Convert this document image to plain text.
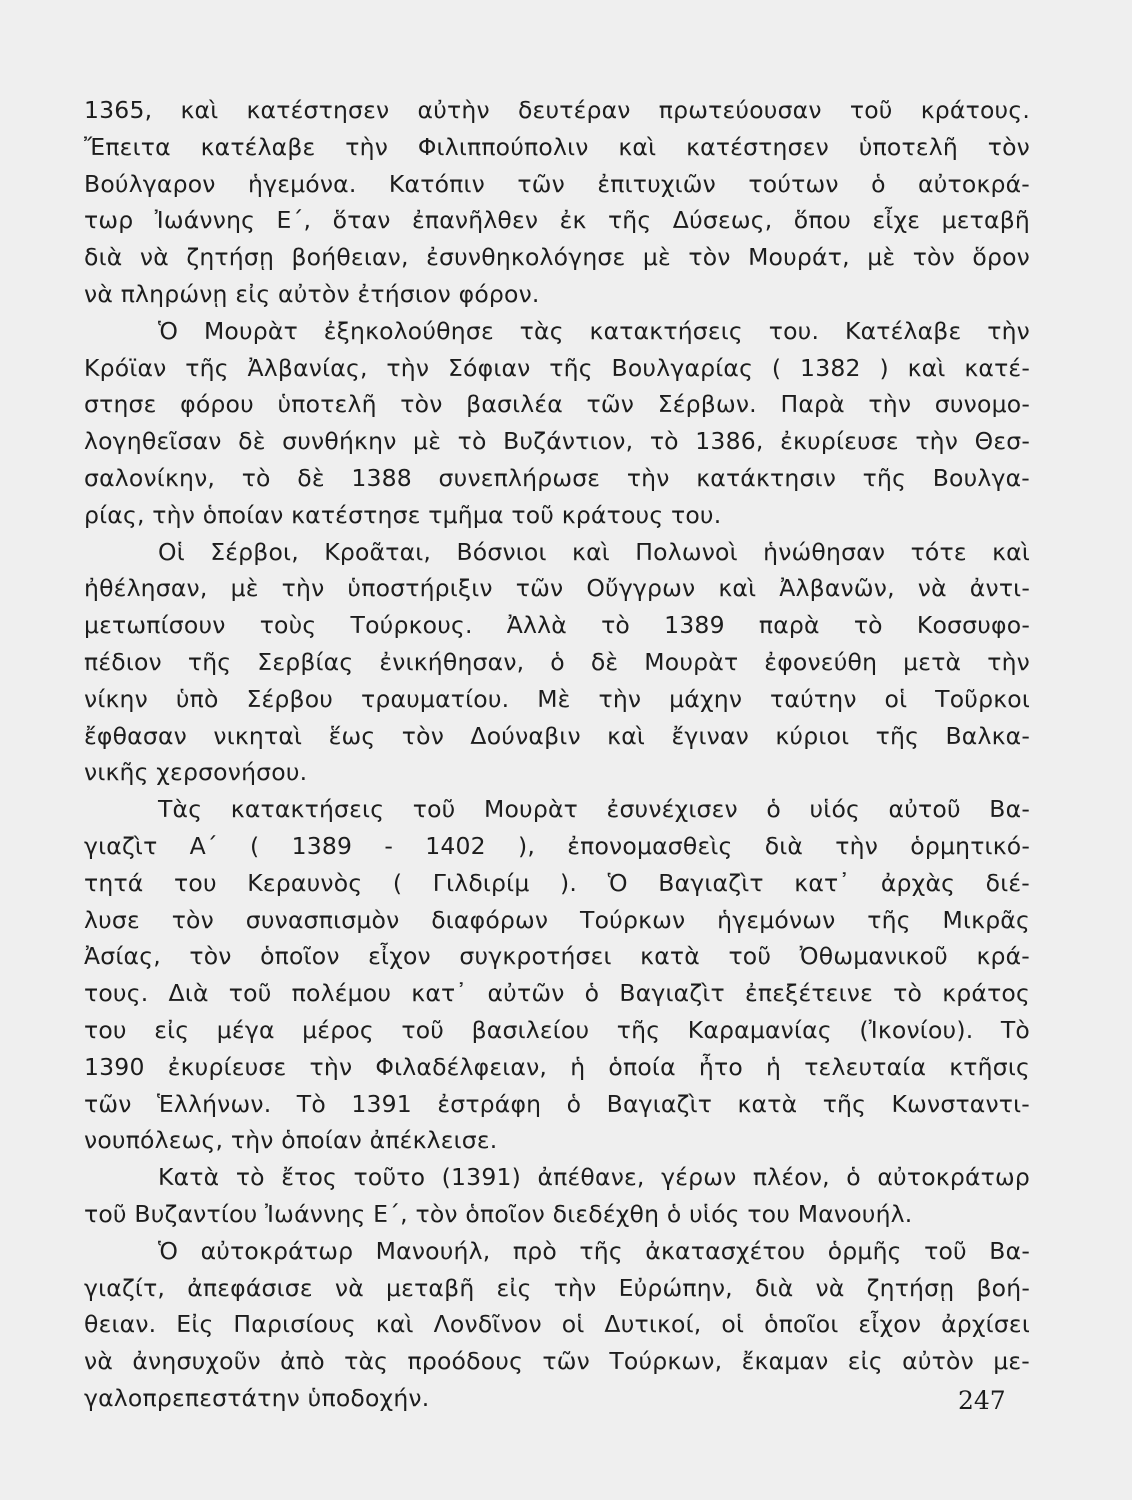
1365, καὶ κατέστησεν αὐτὴν δευτέραν πρωτεύουσαν τοῦ κράτους.
Ἔπειτα κατέλαβε τὴν Φιλιππούπολιν καὶ κατέστησεν ὑποτελῆ τὸν
Βούλγαρον ἡγεμόνα. Κατόπιν τῶν ἐπιτυχιῶν τούτων ὁ αὐτοκρά-
τωρ Ἰωάννης Ε΄, ὅταν ἐπανῆλθεν ἐκ τῆς Δύσεως, ὅπου εἶχε μεταβῆ
διὰ νὰ ζητήσῃ βοήθειαν, ἐσυνθηκολόγησε μὲ τὸν Μουράτ, μὲ τὸν ὅρον
νὰ πληρώνῃ εἰς αὐτὸν ἐτήσιον φόρον.
Ὁ Μουρὰτ ἐξηκολούθησε τὰς κατακτήσεις του. Κατέλαβε τὴν
Κρόϊαν τῆς Ἀλβανίας, τὴν Σόφιαν τῆς Βουλγαρίας ( 1382 ) καὶ κατέ-
στησε φόρου ὑποτελῆ τὸν βασιλέα τῶν Σέρβων. Παρὰ τὴν συνομο-
λογηθεῖσαν δὲ συνθήκην μὲ τὸ Βυζάντιον, τὸ 1386, ἐκυρίευσε τὴν Θεσ-
σαλονίκην, τὸ δὲ 1388 συνεπλήρωσε τὴν κατάκτησιν τῆς Βουλγα-
ρίας, τὴν ὁποίαν κατέστησε τμῆμα τοῦ κράτους του.
Οἱ Σέρβοι, Κροᾶται, Βόσνιοι καὶ Πολωνοὶ ἡνώθησαν τότε καὶ
ἠθέλησαν, μὲ τὴν ὑποστήριξιν τῶν Οὔγγρων καὶ Ἀλβανῶν, νὰ ἀντι-
μετωπίσουν τοὺς Τούρκους. Ἀλλὰ τὸ 1389 παρὰ τὸ Κοσσυφο-
πέδιον τῆς Σερβίας ἐνικήθησαν, ὁ δὲ Μουρὰτ ἐφονεύθη μετὰ τὴν
νίκην ὑπὸ Σέρβου τραυματίου. Μὲ τὴν μάχην ταύτην οἱ Τοῦρκοι
ἔφθασαν νικηταὶ ἕως τὸν Δούναβιν καὶ ἔγιναν κύριοι τῆς Βαλκα-
νικῆς χερσονήσου.
Τὰς κατακτήσεις τοῦ Μουρὰτ ἐσυνέχισεν ὁ υἱός αὐτοῦ Βα-
γιαζὶτ Α΄ ( 1389 - 1402 ), ἐπονομασθεὶς διὰ τὴν ὁρμητικό-
τητά του Κεραυνὸς ( Γιλδιρίμ ). Ὁ Βαγιαζὶτ κατ᾿ ἀρχὰς διέ-
λυσε τὸν συνασπισμὸν διαφόρων Τούρκων ἡγεμόνων τῆς Μικρᾶς
Ἀσίας, τὸν ὁποῖον εἶχον συγκροτήσει κατὰ τοῦ Ὀθωμανικοῦ κρά-
τους. Διὰ τοῦ πολέμου κατ᾿ αὐτῶν ὁ Βαγιαζὶτ ἐπεξέτεινε τὸ κράτος
του εἰς μέγα μέρος τοῦ βασιλείου τῆς Καραμανίας (Ἰκονίου). Τὸ
1390 ἐκυρίευσε τὴν Φιλαδέλφειαν, ἡ ὁποία ἦτο ἡ τελευταία κτῆσις
τῶν Ἑλλήνων. Τὸ 1391 ἐστράφη ὁ Βαγιαζὶτ κατὰ τῆς Κωνσταντι-
νουπόλεως, τὴν ὁποίαν ἀπέκλεισε.
Κατὰ τὸ ἔτος τοῦτο (1391) ἀπέθανε, γέρων πλέον, ὁ αὐτοκράτωρ
τοῦ Βυζαντίου Ἰωάννης Ε΄, τὸν ὁποῖον διεδέχθη ὁ υἱός του Μανουήλ.
Ὁ αὐτοκράτωρ Μανουήλ, πρὸ τῆς ἀκατασχέτου ὁρμῆς τοῦ Βα-
γιαζίτ, ἀπεφάσισε νὰ μεταβῆ εἰς τὴν Εὐρώπην, διὰ νὰ ζητήσῃ βοή-
θειαν. Εἰς Παρισίους καὶ Λονδῖνον οἱ Δυτικοί, οἱ ὁποῖοι εἶχον ἀρχίσει
νὰ ἀνησυχοῦν ἀπὸ τὰς προόδους τῶν Τούρκων, ἔκαμαν εἰς αὐτὸν με-
γαλοπρεπεστάτην ὑποδοχήν.	247
